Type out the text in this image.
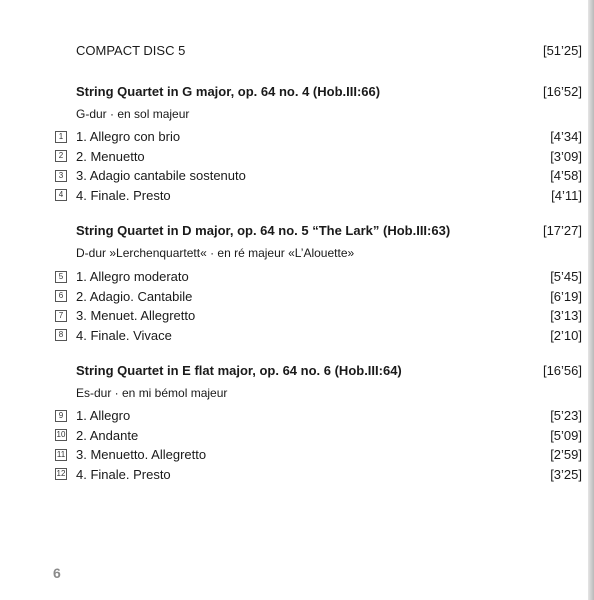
COMPACT DISC 5	[51’25]
String Quartet in G major, op. 64 no. 4 (Hob.III:66)	[16’52]
G-dur · en sol majeur
1 1. Allegro con brio	[4’34]
2 2. Menuetto	[3’09]
3 3. Adagio cantabile sostenuto	[4’58]
4 4. Finale. Presto	[4’11]
String Quartet in D major, op. 64 no. 5 “The Lark” (Hob.III:63)	[17’27]
D-dur »Lerchenquartett« · en ré majeur «L’Alouette»
5 1. Allegro moderato	[5’45]
6 2. Adagio. Cantabile	[6’19]
7 3. Menuet. Allegretto	[3’13]
8 4. Finale. Vivace	[2’10]
String Quartet in E flat major, op. 64 no. 6 (Hob.III:64)	[16’56]
Es-dur · en mi bémol majeur
9 1. Allegro	[5’23]
10 2. Andante	[5’09]
11 3. Menuetto. Allegretto	[2’59]
12 4. Finale. Presto	[3’25]
6
